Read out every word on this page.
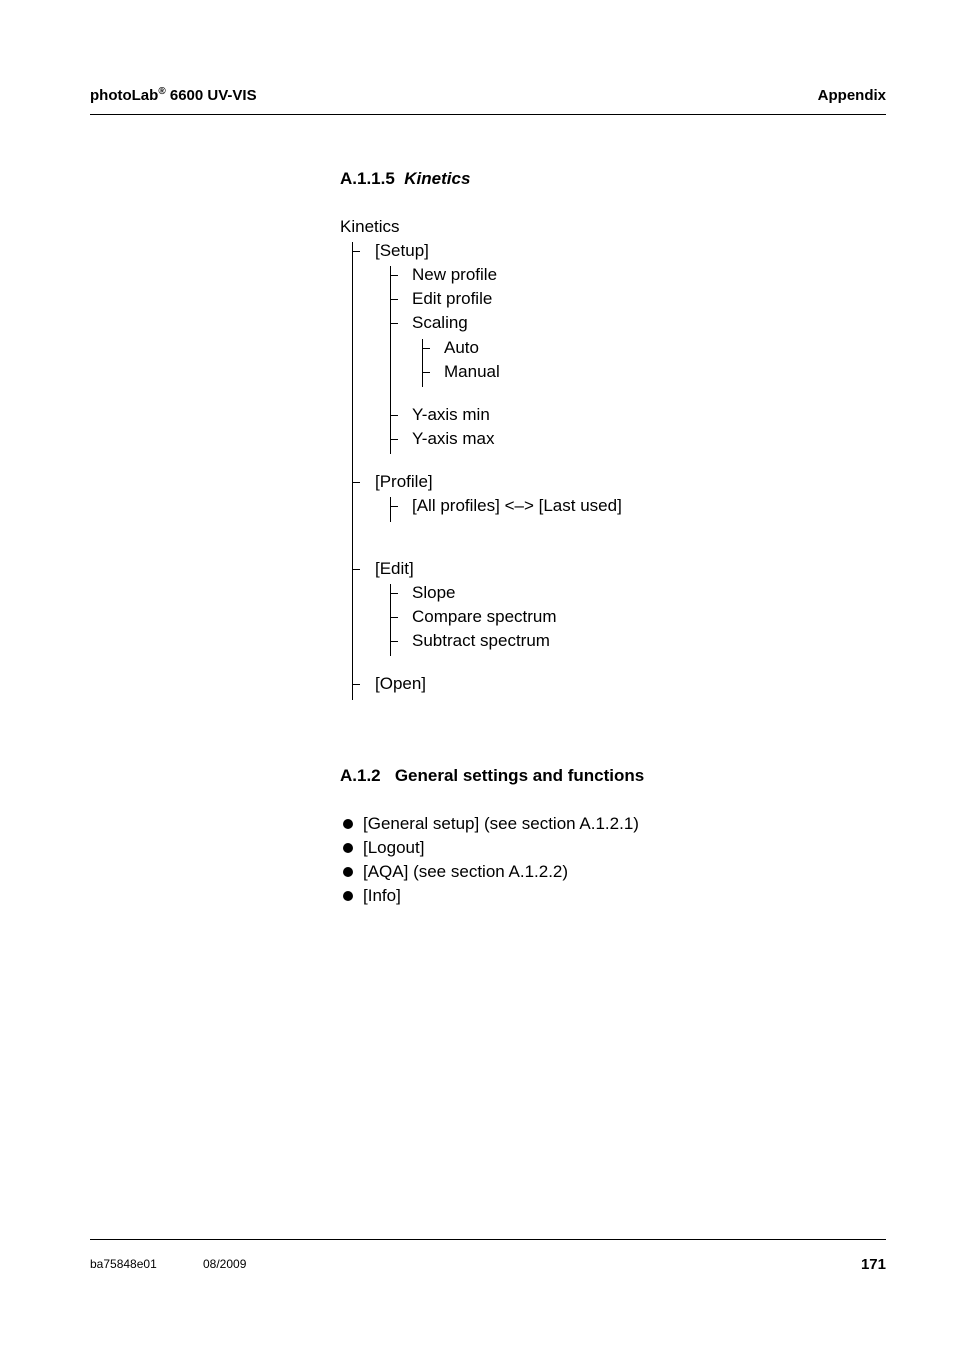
photoLab® 6600 UV-VIS	Appendix
A.1.1.5 Kinetics
Kinetics
[Setup]
New profile
Edit profile
Scaling
Auto
Manual
Y-axis min
Y-axis max
[Profile]
[All profiles] <–> [Last used]
[Edit]
Slope
Compare spectrum
Subtract spectrum
[Open]
A.1.2 General settings and functions
[General setup] (see section A.1.2.1)
[Logout]
[AQA] (see section A.1.2.2)
[Info]
ba75848e01	08/2009	171
